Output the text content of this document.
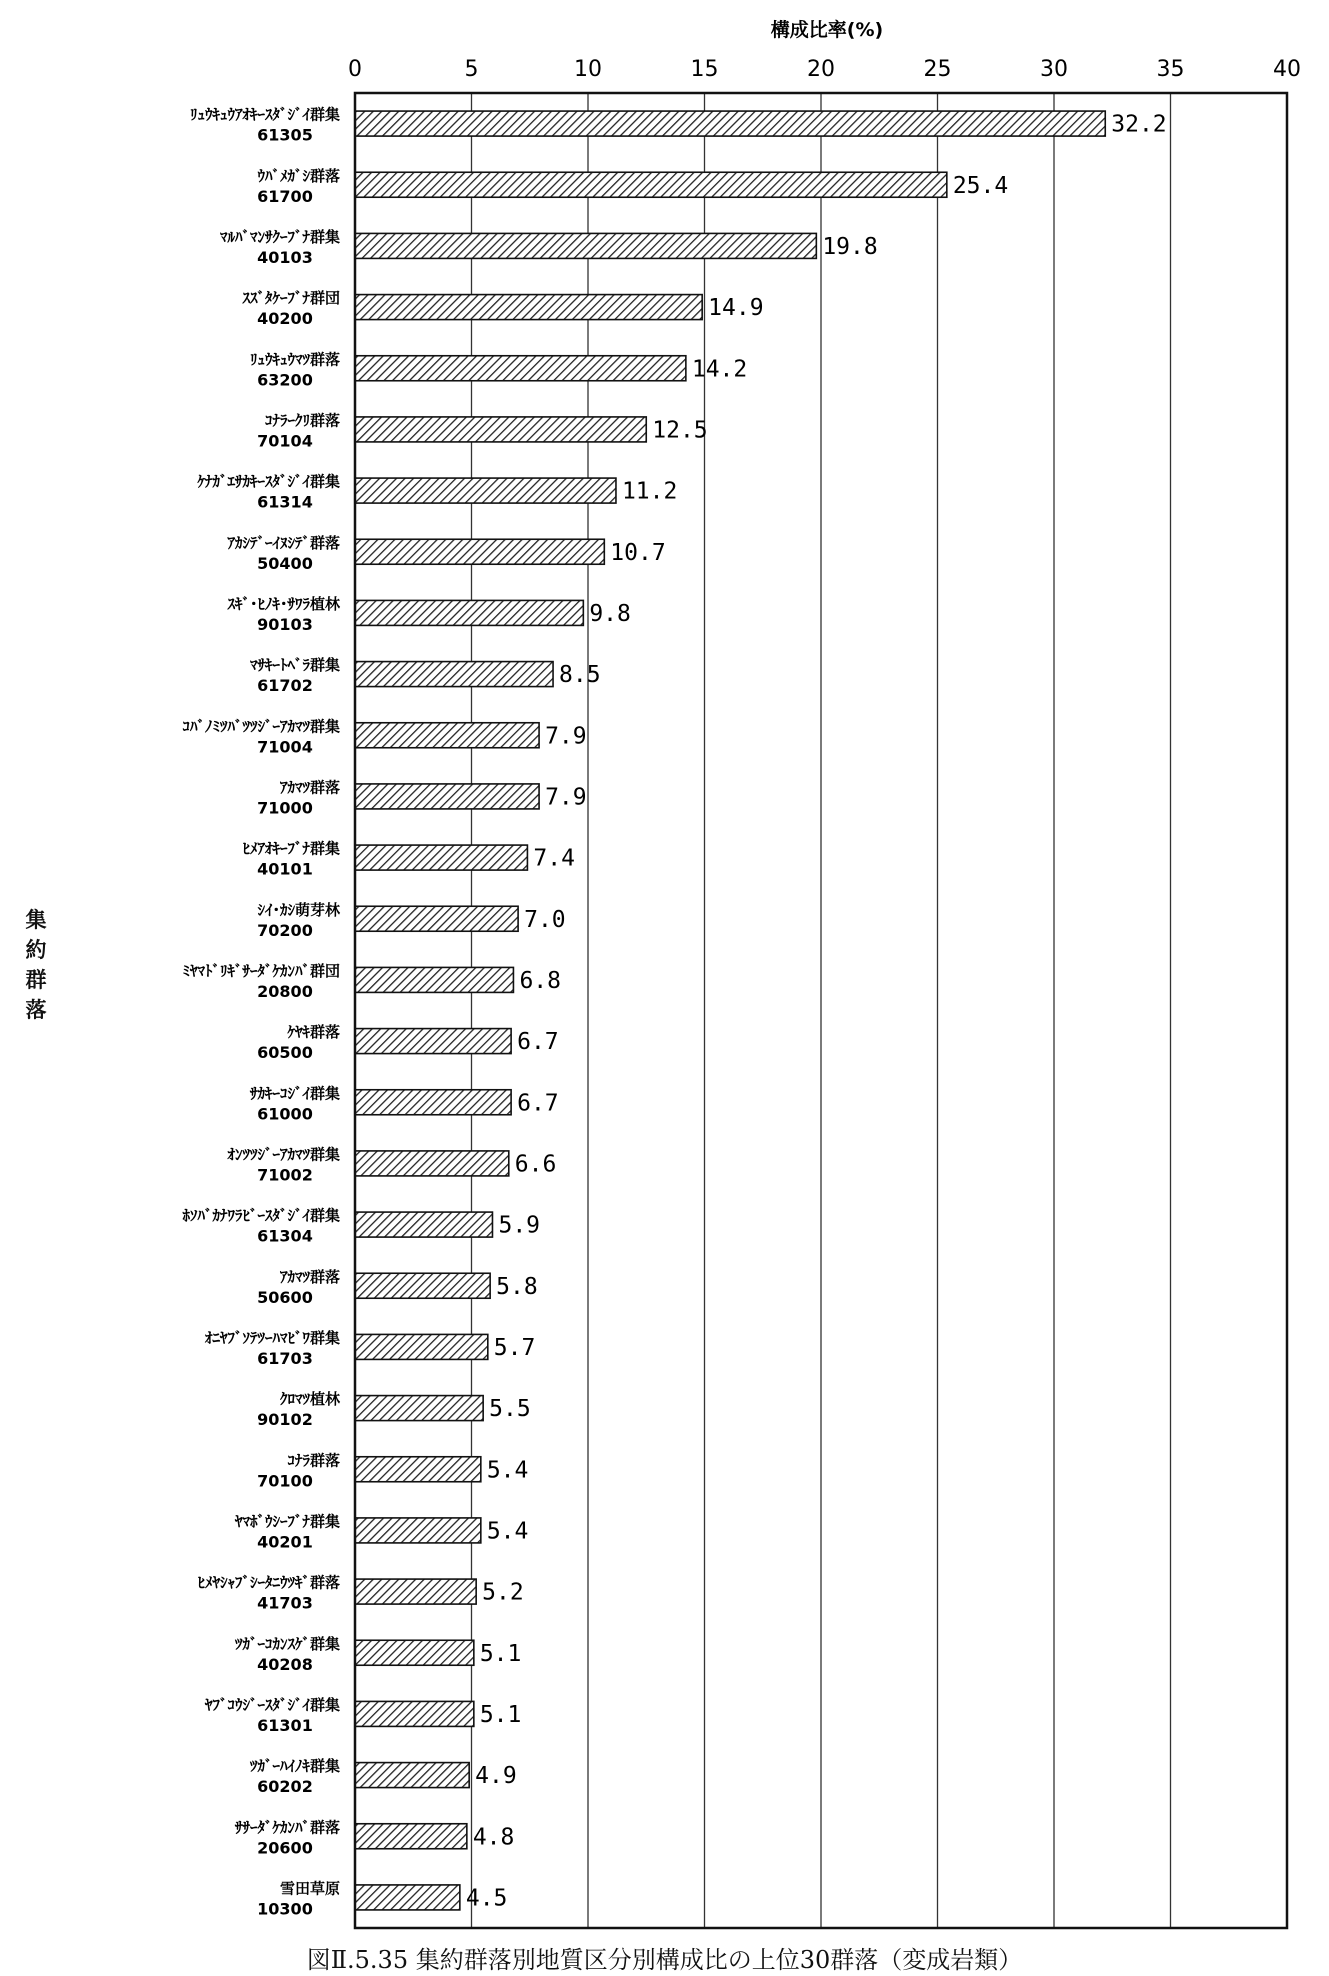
構成比率(%)
0	5	10	15	20	25	30	35	40
32.2
ﾘｭｳｷｭｳｱｵｷｰｽﾀﾞｼﾞｲ群集
61305
25.4
ｳﾊﾞﾒｶﾞｼ群落
61700
19.8
ﾏﾙﾊﾞﾏﾝｻｸｰﾌﾞﾅ群集
40103
14.9
ｽｽﾞﾀｹｰﾌﾞﾅ群団
40200
14.2
ﾘｭｳｷｭｳﾏﾂ群落
63200
12.5
ｺﾅﾗｰｸﾘ群落
70104
11.2
ｹﾅｶﾞｴｻｶｷｰｽﾀﾞｼﾞｲ群集
61314
10.7
ｱｶｼﾃﾞｰｲﾇｼﾃﾞ群落
50400
9.8
ｽｷﾞ･ﾋﾉｷ･ｻﾜﾗ植林
90103
8.5
ﾏｻｷｰﾄﾍﾞﾗ群集
61702
7.9
ｺﾊﾞﾉﾐﾂﾊﾞﾂﾂｼﾞｰｱｶﾏﾂ群集
71004
7.9
ｱｶﾏﾂ群落
71000
7.4
ﾋﾒｱｵｷｰﾌﾞﾅ群集
40101
7.0
ｼｲ･ｶｼ萌芽林
70200
6.8
ﾐﾔﾏﾄﾞﾘｷﾞｻｰﾀﾞｹｶﾝﾊﾞ群団
20800
6.7
ｹﾔｷ群落
60500
6.7
ｻｶｷｰｺｼﾞｲ群集
61000
6.6
ｵﾝﾂﾂｼﾞｰｱｶﾏﾂ群集
71002
5.9
ﾎｿﾊﾞｶﾅﾜﾗﾋﾞｰｽﾀﾞｼﾞｲ群集
61304
5.8
ｱｶﾏﾂ群落
50600
5.7
ｵﾆﾔﾌﾞｿﾃﾂｰﾊﾏﾋﾞﾜ群集
61703
5.5
ｸﾛﾏﾂ植林
90102
5.4
ｺﾅﾗ群落
70100
5.4
ﾔﾏﾎﾞｳｼｰﾌﾞﾅ群集
40201
5.2
ﾋﾒﾔｼｬﾌﾞｼｰﾀﾆｳﾂｷﾞ群落
41703
5.1
ﾂｶﾞｰｺｶﾝｽｹﾞ群集
40208
5.1
ﾔﾌﾞｺｳｼﾞｰｽﾀﾞｼﾞｲ群集
61301
4.9
ﾂｶﾞｰﾊｲﾉｷ群集
60202
4.8
ｻｻｰﾀﾞｹｶﾝﾊﾞ群落
20600
4.5
雪田草原
10300
集約群落
図Ⅱ.5.35 集約群落別地質区分別構成比の上位30群落（変成岩類）
